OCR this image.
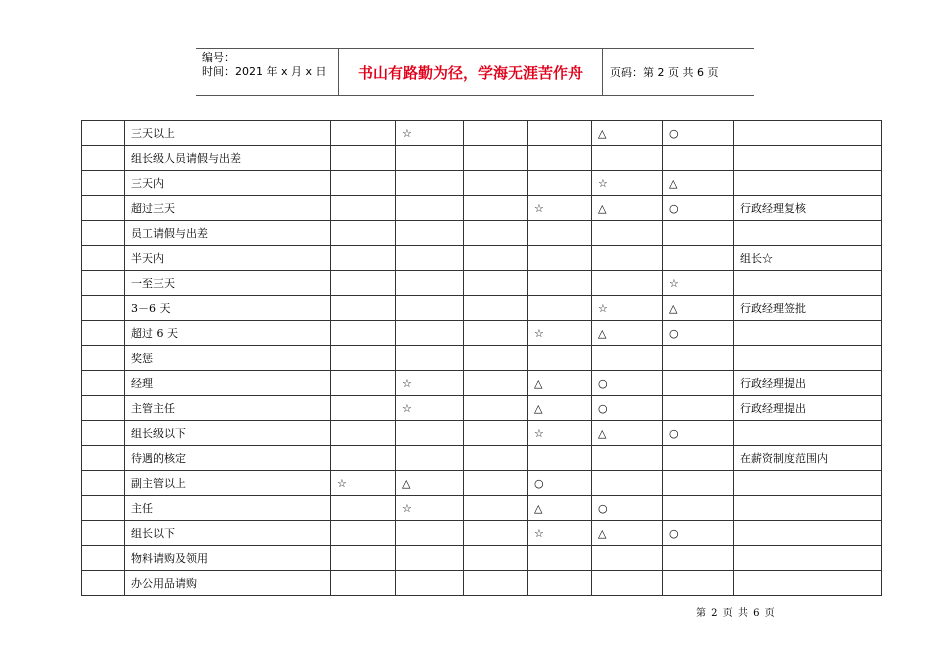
编号：
时间：2021 年 x 月 x 日	书山有路勤为径，学海无涯苦作舟	页码：第 2 页 共 6 页
	三天以上		☆			△	○	
	组长级人员请假与出差							
	三天内					☆	△	
	超过三天				☆	△	○	行政经理复核
	员工请假与出差							
	半天内							组长☆
	一至三天						☆	
	3－6 天					☆	△	行政经理签批
	超过 6 天				☆	△	○	
	奖惩							
	经理		☆		△	○		行政经理提出
	主管主任		☆		△	○		行政经理提出
	组长级以下				☆	△	○	
	待遇的核定							在薪资制度范围内
	副主管以上	☆	△		○			
	主任		☆		△	○		
	组长以下				☆	△	○	
	物料请购及领用							
	办公用品请购							
第 2 页 共 6 页
